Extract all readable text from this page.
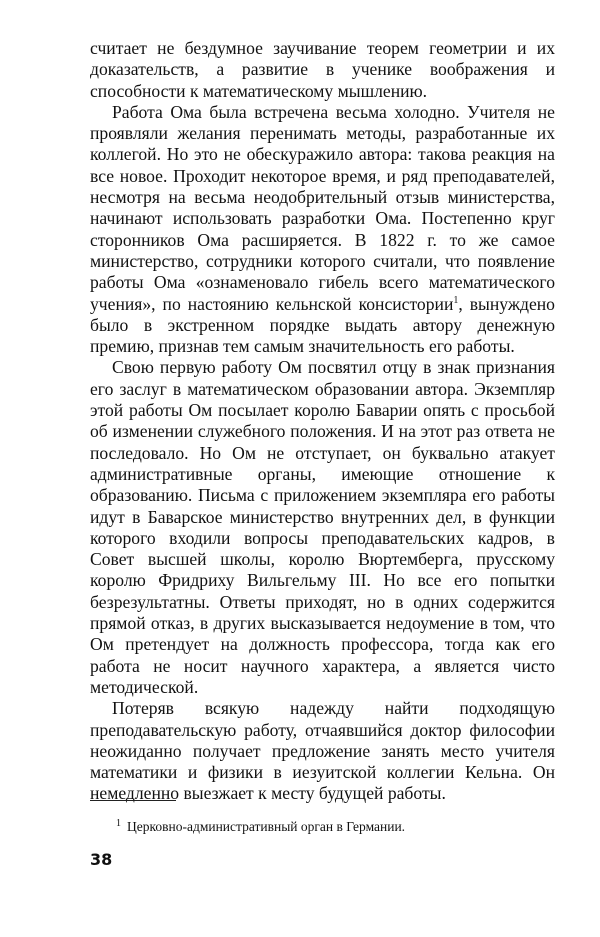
считает не бездумное заучивание теорем геометрии и их доказательств, а развитие в ученике воображения и способности к математическому мышлению.

Работа Ома была встречена весьма холодно. Учителя не проявляли желания перенимать методы, разработанные их коллегой. Но это не обескуражило автора: такова реакция на все новое. Проходит некоторое время, и ряд преподавателей, несмотря на весьма неодобрительный отзыв министерства, начинают использовать разработки Ома. Постепенно круг сторонников Ома расширяется. В 1822 г. то же самое министерство, сотрудники которого считали, что появление работы Ома «ознаменовало гибель всего математического учения», по настоянию кельнской консистории$^1$, вынуждено было в экстренном порядке выдать автору денежную премию, признав тем самым значительность его работы.

Свою первую работу Ом посвятил отцу в знак признания его заслуг в математическом образовании автора. Экземпляр этой работы Ом посылает королю Баварии опять с просьбой об изменении служебного положения. И на этот раз ответа не последовало. Но Ом не отступает, он буквально атакует административные органы, имеющие отношение к образованию. Письма с приложением экземпляра его работы идут в Баварское министерство внутренних дел, в функции которого входили вопросы преподавательских кадров, в Совет высшей школы, королю Вюртемберга, прусскому королю Фридриху Вильгельму III. Но все его попытки безрезультатны. Ответы приходят, но в одних содержится прямой отказ, в других высказывается недоумение в том, что Ом претендует на должность профессора, тогда как его работа не носит научного характера, а является чисто методической.

Потеряв всякую надежду найти подходящую преподавательскую работу, отчаявшийся доктор философии неожиданно получает предложение занять место учителя математики и физики в иезуитской коллегии Кельна. Он немедленно выезжает к месту будущей работы.

$^1$ Церковно-административный орган в Германии.
38
